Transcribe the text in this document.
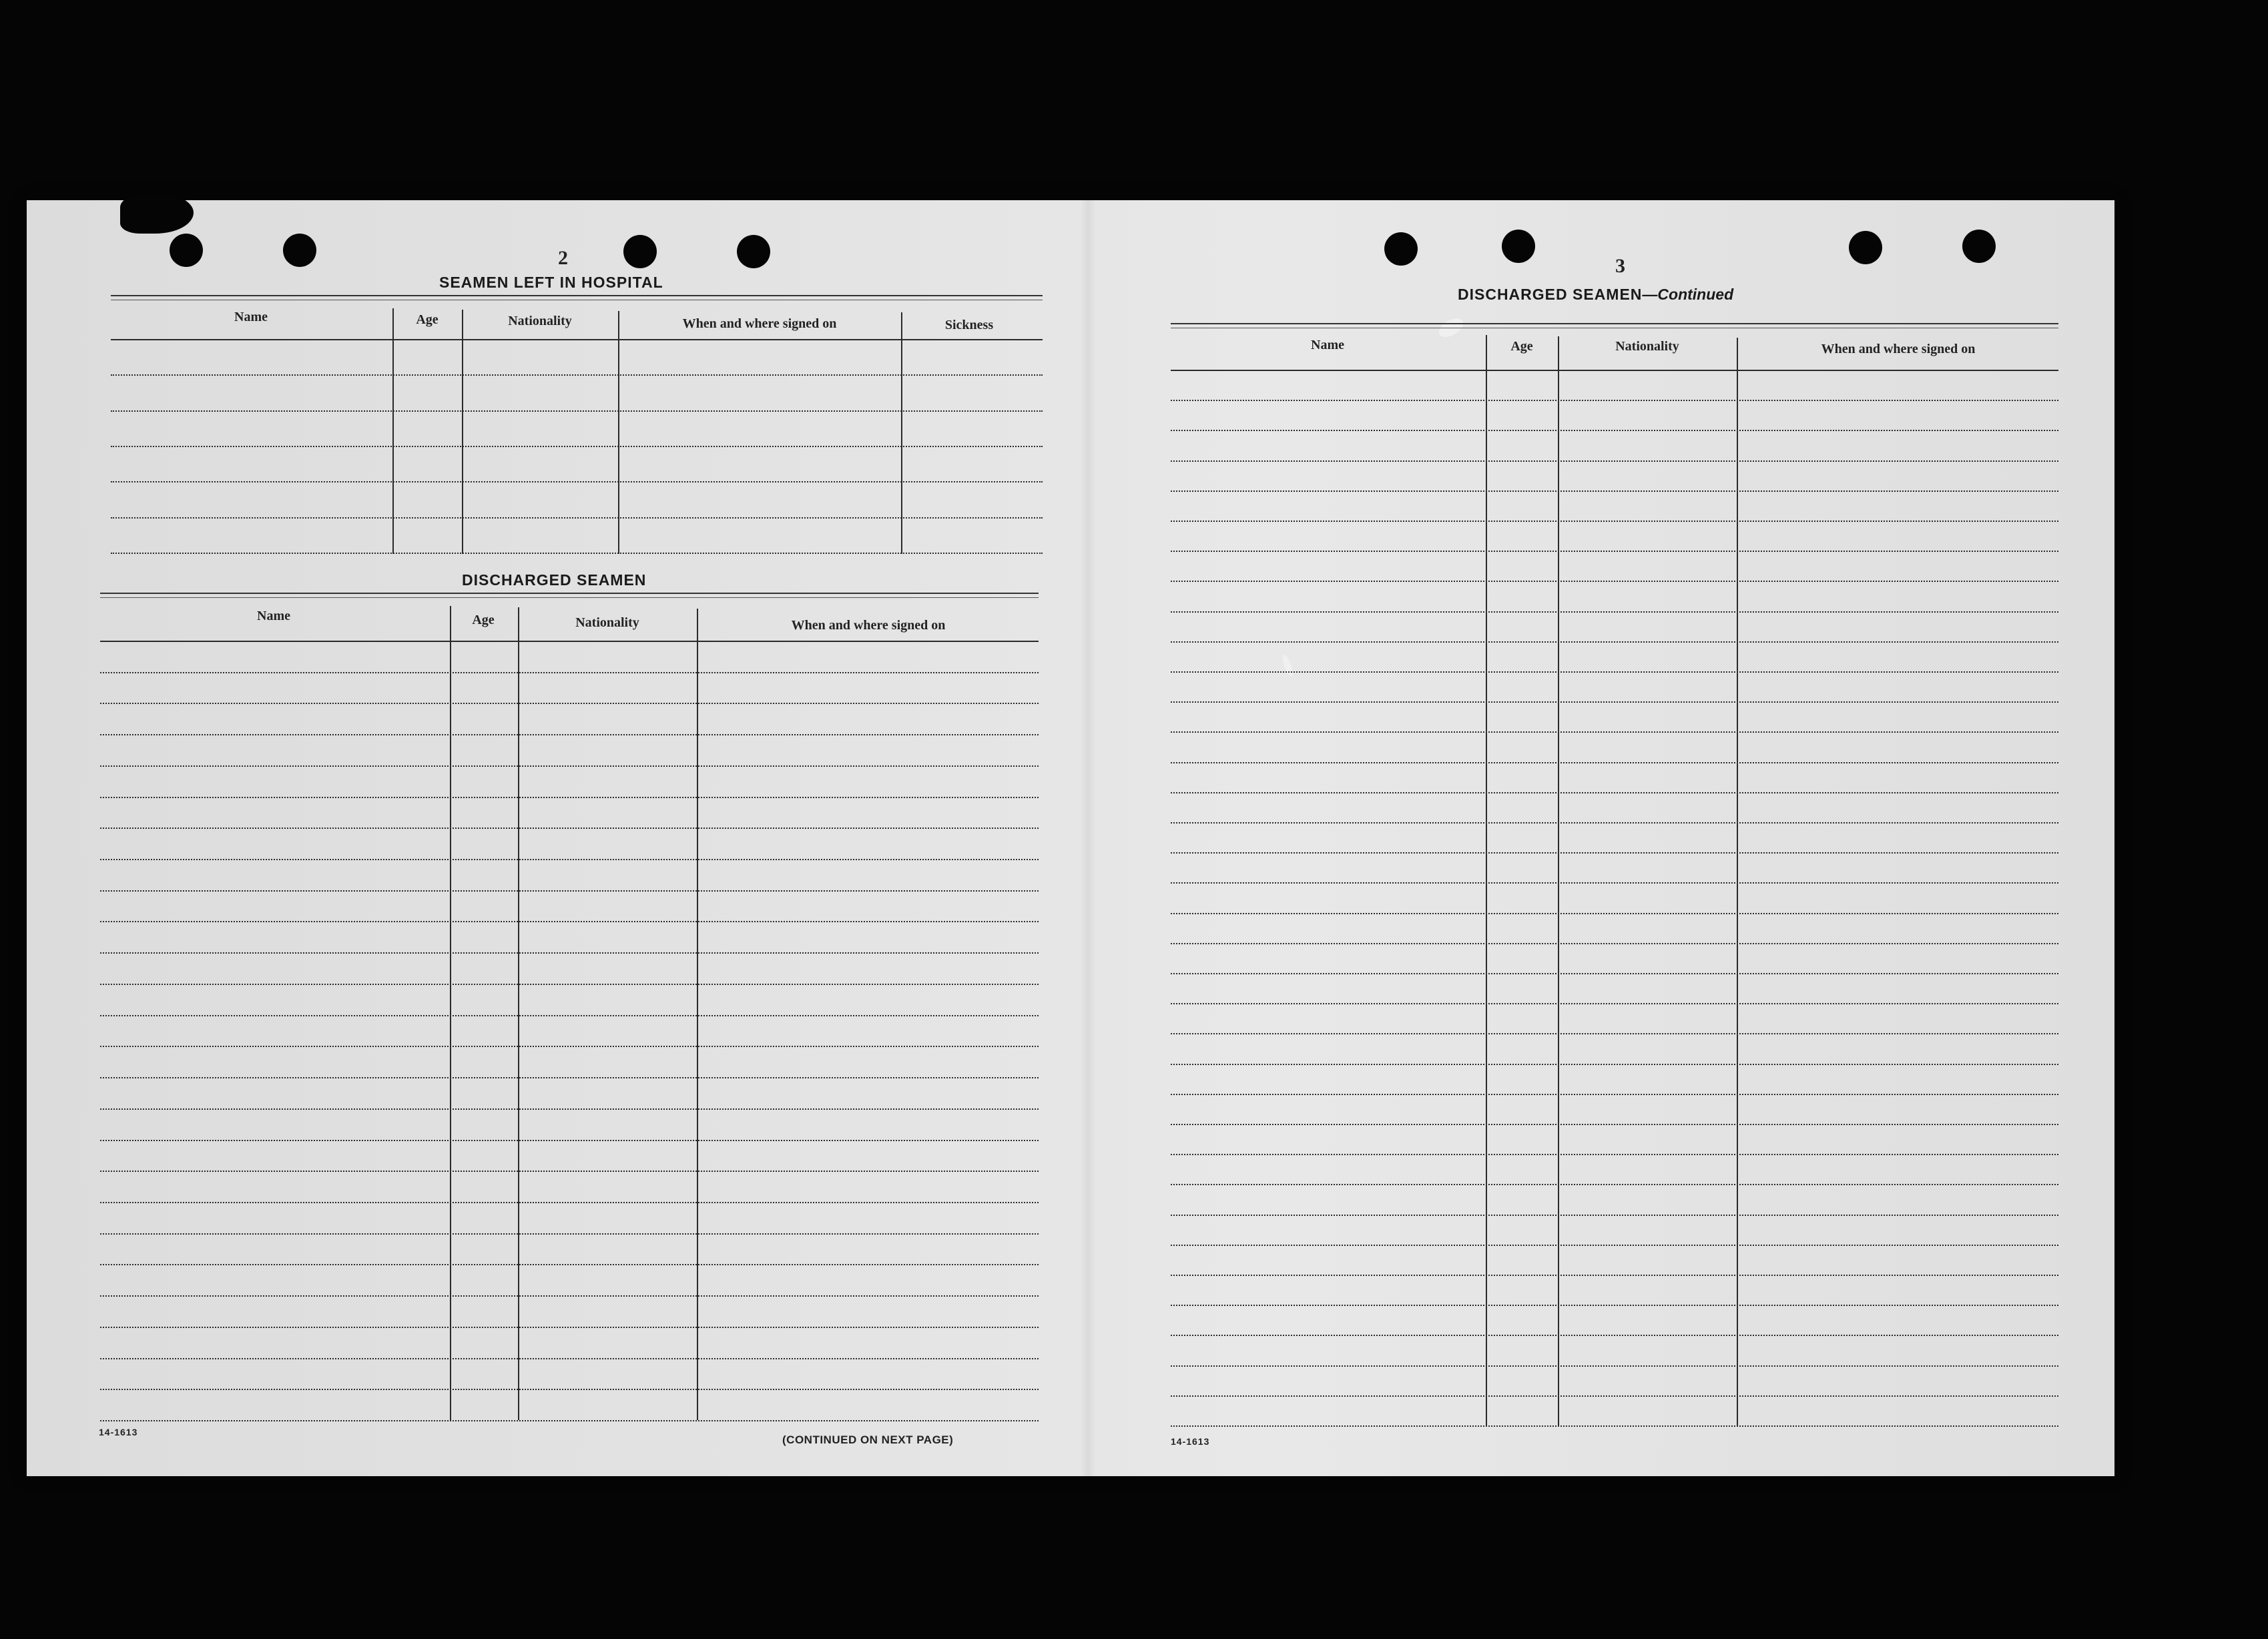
2
SEAMEN LEFT IN HOSPITAL
Name	Age	Nationality	When and where signed on	Sickness
DISCHARGED SEAMEN
Name	Age	Nationality	When and where signed on
14-1613
(CONTINUED ON NEXT PAGE)
3
DISCHARGED SEAMEN—Continued
Name	Age	Nationality	When and where signed on
14-1613
